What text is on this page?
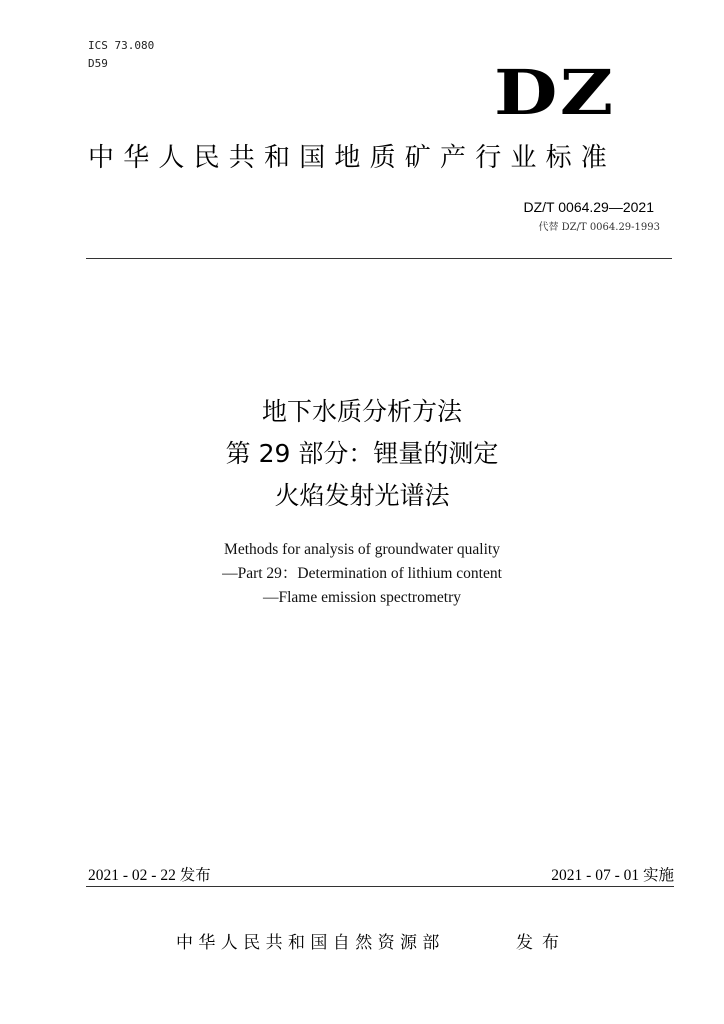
ICS 73.080
D59	DZ
中华人民共和国地质矿产行业标准
DZ/T 0064.29—2021
代替 DZ/T 0064.29-1993
地下水质分析方法
第 29 部分：锂量的测定
火焰发射光谱法
Methods for analysis of groundwater quality
—Part 29：Determination of lithium content
—Flame emission spectrometry
2021 - 02 - 22 发布	2021 - 07 - 01 实施
中华人民共和国自然资源部	发布
